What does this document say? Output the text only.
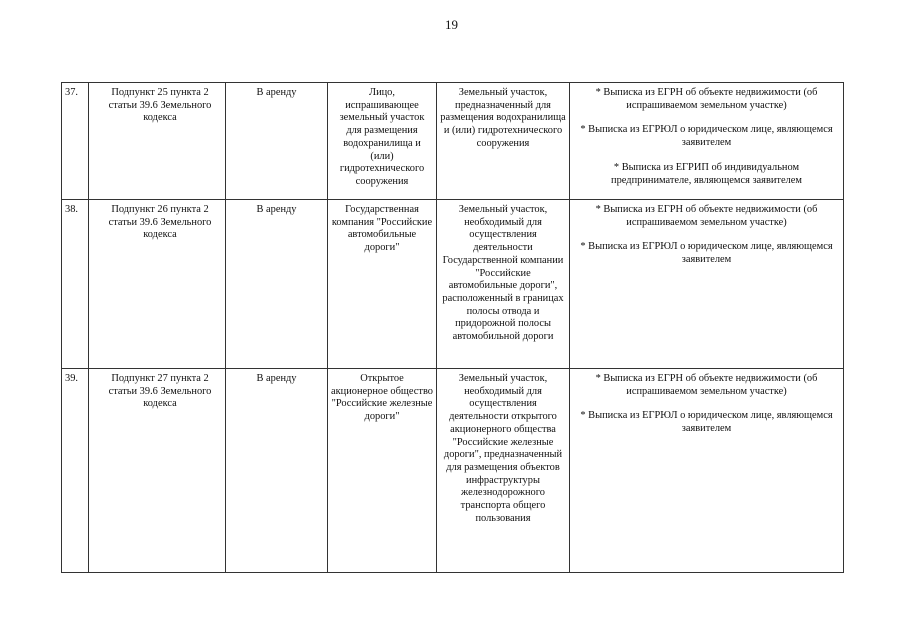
19
37.	Подпункт 25 пункта 2 статьи 39.6 Земельного кодекса	В аренду	Лицо, испрашивающее земельный участок для размещения водохранилища и (или) гидротехнического сооружения	Земельный участок, предназначенный для размещения водохранилища и (или) гидротехнического сооружения	* Выписка из ЕГРН об объекте недвижимости (об испрашиваемом земельном участке)
* Выписка из ЕГРЮЛ о юридическом лице, являющемся заявителем
* Выписка из ЕГРИП об индивидуальном предпринимателе, являющемся заявителем

38.	Подпункт 26 пункта 2 статьи 39.6 Земельного кодекса	В аренду	Государственная компания "Российские автомобильные дороги"	Земельный участок, необходимый для осуществления деятельности Государственной компании "Российские автомобильные дороги", расположенный в границах полосы отвода и придорожной полосы автомобильной дороги	* Выписка из ЕГРН об объекте недвижимости (об испрашиваемом земельном участке)
* Выписка из ЕГРЮЛ о юридическом лице, являющемся заявителем

39.	Подпункт 27 пункта 2 статьи 39.6 Земельного кодекса	В аренду	Открытое акционерное общество "Российские железные дороги"	Земельный участок, необходимый для осуществления деятельности открытого акционерного общества "Российские железные дороги", предназначенный для размещения объектов инфраструктуры железнодорожного транспорта общего пользования	* Выписка из ЕГРН об объекте недвижимости (об испрашиваемом земельном участке)
* Выписка из ЕГРЮЛ о юридическом лице, являющемся заявителем
